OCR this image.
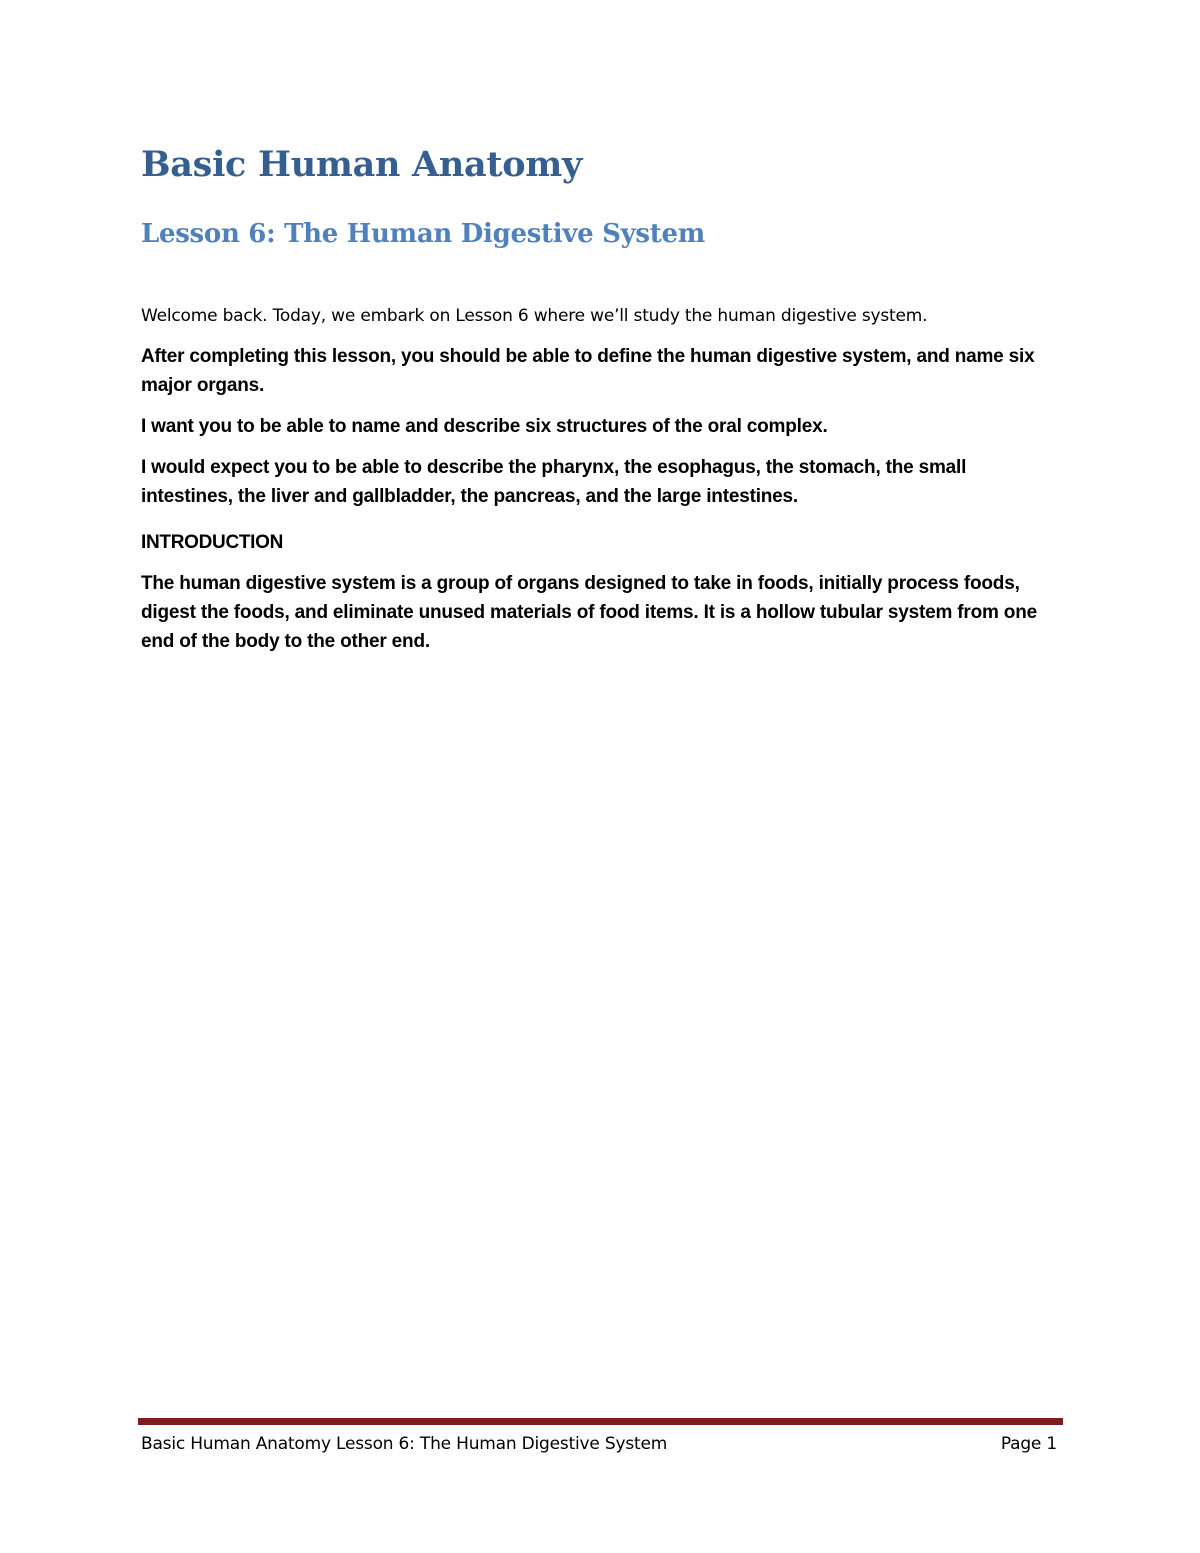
Basic Human Anatomy
Lesson 6: The Human Digestive System

Welcome back. Today, we embark on Lesson 6 where we’ll study the human digestive system.

After completing this lesson, you should be able to define the human digestive system, and name six major organs.

I want you to be able to name and describe six structures of the oral complex.

I would expect you to be able to describe the pharynx, the esophagus, the stomach, the small intestines, the liver and gallbladder, the pancreas, and the large intestines.

INTRODUCTION

The human digestive system is a group of organs designed to take in foods, initially process foods, digest the foods, and eliminate unused materials of food items. It is a hollow tubular system from one end of the body to the other end.

Basic Human Anatomy Lesson 6: The Human Digestive System	Page 1
